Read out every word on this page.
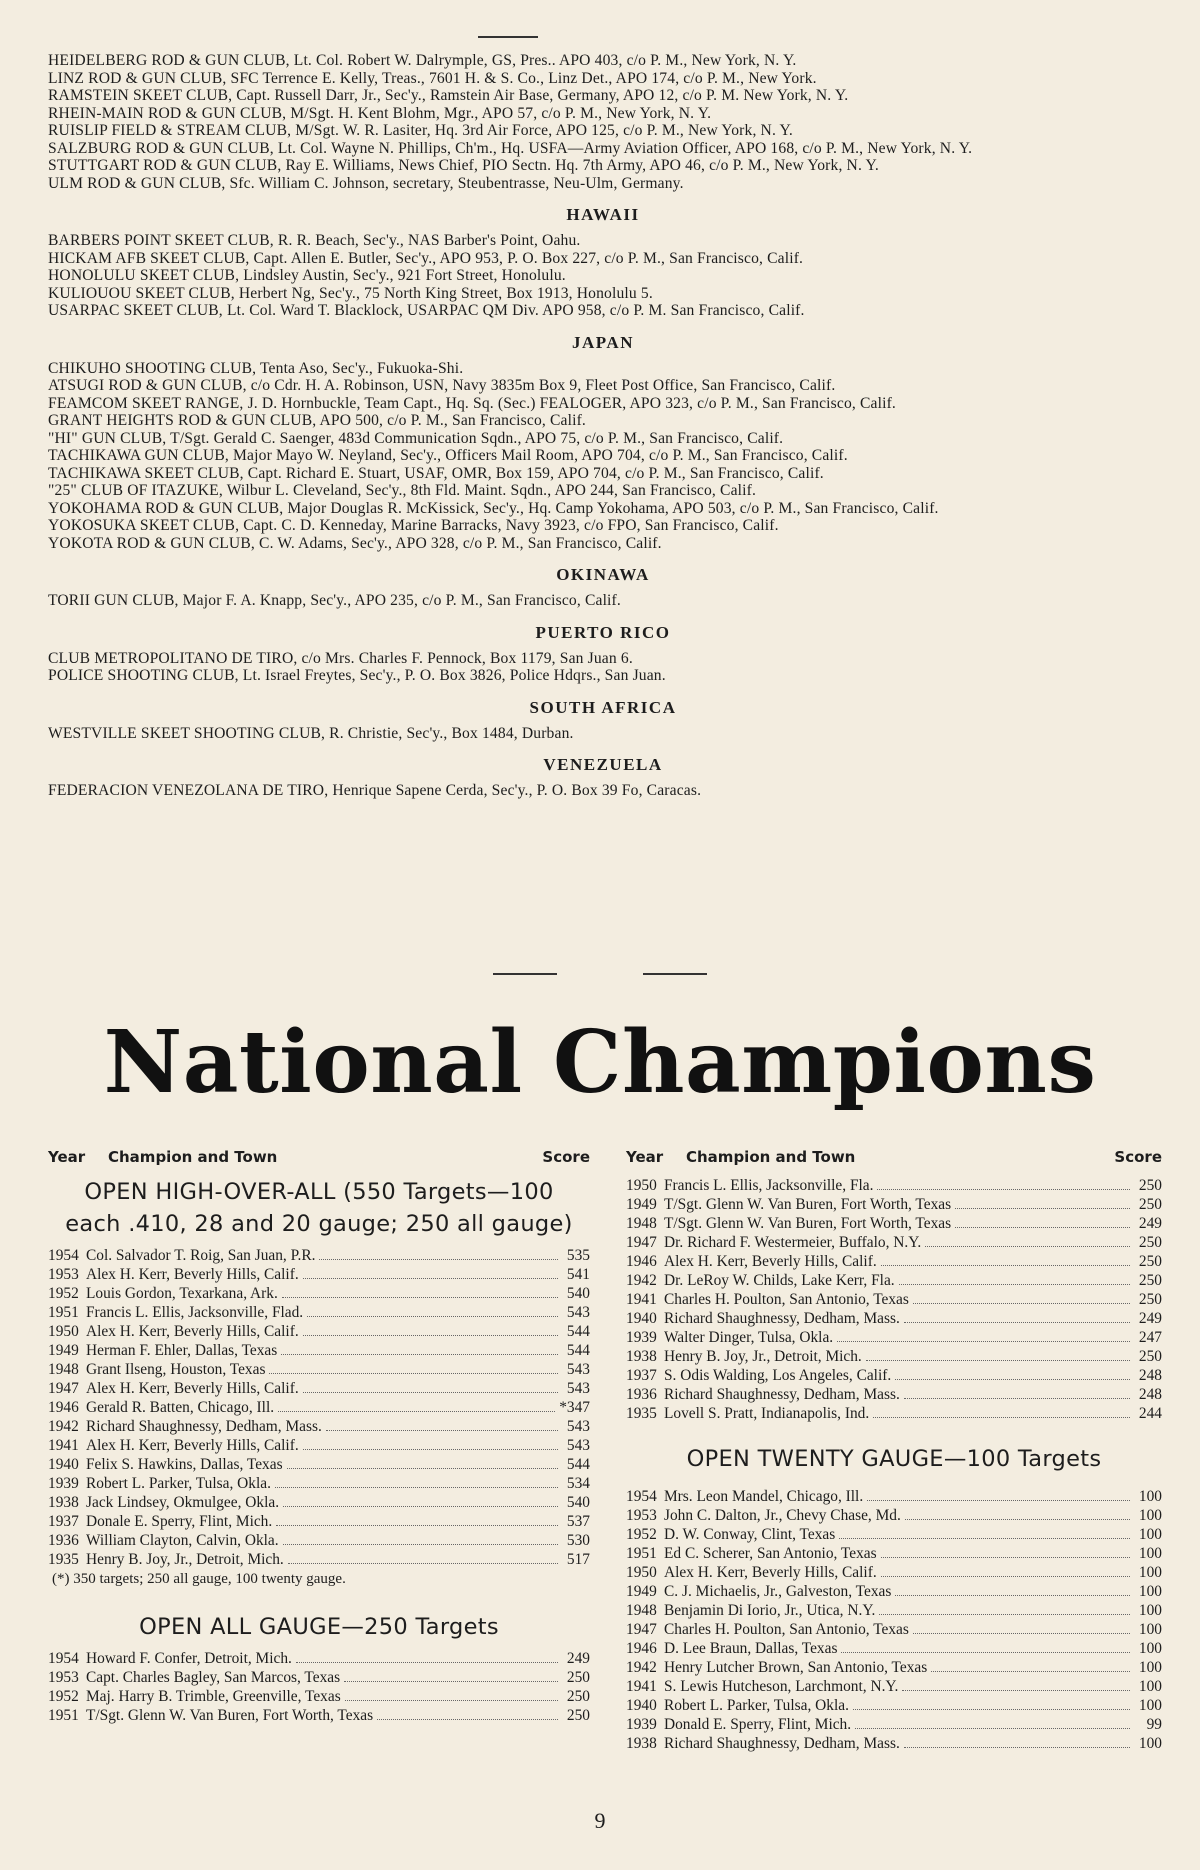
HEIDELBERG ROD & GUN CLUB, Lt. Col. Robert W. Dalrymple, GS, Pres.. APO 403, c/o P. M., New York, N. Y.

LINZ ROD & GUN CLUB, SFC Terrence E. Kelly, Treas., 7601 H. & S. Co., Linz Det., APO 174, c/o P. M., New York.

RAMSTEIN SKEET CLUB, Capt. Russell Darr, Jr., Sec'y., Ramstein Air Base, Germany, APO 12, c/o P. M. New York, N. Y.

RHEIN-MAIN ROD & GUN CLUB, M/Sgt. H. Kent Blohm, Mgr., APO 57, c/o P. M., New York, N. Y.

RUISLIP FIELD & STREAM CLUB, M/Sgt. W. R. Lasiter, Hq. 3rd Air Force, APO 125, c/o P. M., New York, N. Y.

SALZBURG ROD & GUN CLUB, Lt. Col. Wayne N. Phillips, Ch'm., Hq. USFA—Army Aviation Officer, APO 168, c/o P. M., New York, N. Y.

STUTTGART ROD & GUN CLUB, Ray E. Williams, News Chief, PIO Sectn. Hq. 7th Army, APO 46, c/o P. M., New York, N. Y.

ULM ROD & GUN CLUB, Sfc. William C. Johnson, secretary, Steubentrasse, Neu-Ulm, Germany.

HAWAII

BARBERS POINT SKEET CLUB, R. R. Beach, Sec'y., NAS Barber's Point, Oahu.

HICKAM AFB SKEET CLUB, Capt. Allen E. Butler, Sec'y., APO 953, P. O. Box 227, c/o P. M., San Francisco, Calif.

HONOLULU SKEET CLUB, Lindsley Austin, Sec'y., 921 Fort Street, Honolulu.

KULIOUOU SKEET CLUB, Herbert Ng, Sec'y., 75 North King Street, Box 1913, Honolulu 5.

USARPAC SKEET CLUB, Lt. Col. Ward T. Blacklock, USARPAC QM Div. APO 958, c/o P. M. San Francisco, Calif.

JAPAN

CHIKUHO SHOOTING CLUB, Tenta Aso, Sec'y., Fukuoka-Shi.

ATSUGI ROD & GUN CLUB, c/o Cdr. H. A. Robinson, USN, Navy 3835m Box 9, Fleet Post Office, San Francisco, Calif.

FEAMCOM SKEET RANGE, J. D. Hornbuckle, Team Capt., Hq. Sq. (Sec.) FEALOGER, APO 323, c/o P. M., San Francisco, Calif.

GRANT HEIGHTS ROD & GUN CLUB, APO 500, c/o P. M., San Francisco, Calif.

"HI" GUN CLUB, T/Sgt. Gerald C. Saenger, 483d Communication Sqdn., APO 75, c/o P. M., San Francisco, Calif.

TACHIKAWA GUN CLUB, Major Mayo W. Neyland, Sec'y., Officers Mail Room, APO 704, c/o P. M., San Francisco, Calif.

TACHIKAWA SKEET CLUB, Capt. Richard E. Stuart, USAF, OMR, Box 159, APO 704, c/o P. M., San Francisco, Calif.

"25" CLUB OF ITAZUKE, Wilbur L. Cleveland, Sec'y., 8th Fld. Maint. Sqdn., APO 244, San Francisco, Calif.

YOKOHAMA ROD & GUN CLUB, Major Douglas R. McKissick, Sec'y., Hq. Camp Yokohama, APO 503, c/o P. M., San Francisco, Calif.

YOKOSUKA SKEET CLUB, Capt. C. D. Kenneday, Marine Barracks, Navy 3923, c/o FPO, San Francisco, Calif.

YOKOTA ROD & GUN CLUB, C. W. Adams, Sec'y., APO 328, c/o P. M., San Francisco, Calif.

OKINAWA

TORII GUN CLUB, Major F. A. Knapp, Sec'y., APO 235, c/o P. M., San Francisco, Calif.

PUERTO RICO

CLUB METROPOLITANO DE TIRO, c/o Mrs. Charles F. Pennock, Box 1179, San Juan 6.

POLICE SHOOTING CLUB, Lt. Israel Freytes, Sec'y., P. O. Box 3826, Police Hdqrs., San Juan.

SOUTH AFRICA

WESTVILLE SKEET SHOOTING CLUB, R. Christie, Sec'y., Box 1484, Durban.

VENEZUELA

FEDERACION VENEZOLANA DE TIRO, Henrique Sapene Cerda, Sec'y., P. O. Box 39 Fo, Caracas.

National Champions
Year	Champion and Town	Score
OPEN HIGH-OVER-ALL (550 Targets—100 each .410, 28 and 20 gauge; 250 all gauge)
1954 Col. Salvador T. Roig, San Juan, P.R.	535
1953 Alex H. Kerr, Beverly Hills, Calif.	541
1952 Louis Gordon, Texarkana, Ark.	540
1951 Francis L. Ellis, Jacksonville, Flad.	543
1950 Alex H. Kerr, Beverly Hills, Calif.	544
1949 Herman F. Ehler, Dallas, Texas	544
1948 Grant Ilseng, Houston, Texas	543
1947 Alex H. Kerr, Beverly Hills, Calif.	543
1946 Gerald R. Batten, Chicago, Ill.	*347
1942 Richard Shaughnessy, Dedham, Mass.	543
1941 Alex H. Kerr, Beverly Hills, Calif.	543
1940 Felix S. Hawkins, Dallas, Texas	544
1939 Robert L. Parker, Tulsa, Okla.	534
1938 Jack Lindsey, Okmulgee, Okla.	540
1937 Donale E. Sperry, Flint, Mich.	537
1936 William Clayton, Calvin, Okla.	530
1935 Henry B. Joy, Jr., Detroit, Mich.	517
(*) 350 targets; 250 all gauge, 100 twenty gauge.
OPEN ALL GAUGE—250 Targets
1954 Howard F. Confer, Detroit, Mich.	249
1953 Capt. Charles Bagley, San Marcos, Texas	250
1952 Maj. Harry B. Trimble, Greenville, Texas	250
1951 T/Sgt. Glenn W. Van Buren, Fort Worth, Texas	250
Year	Champion and Town	Score
1950 Francis L. Ellis, Jacksonville, Fla.	250
1949 T/Sgt. Glenn W. Van Buren, Fort Worth, Texas	250
1948 T/Sgt. Glenn W. Van Buren, Fort Worth, Texas	249
1947 Dr. Richard F. Westermeier, Buffalo, N.Y.	250
1946 Alex H. Kerr, Beverly Hills, Calif.	250
1942 Dr. LeRoy W. Childs, Lake Kerr, Fla.	250
1941 Charles H. Poulton, San Antonio, Texas	250
1940 Richard Shaughnessy, Dedham, Mass.	249
1939 Walter Dinger, Tulsa, Okla.	247
1938 Henry B. Joy, Jr., Detroit, Mich.	250
1937 S. Odis Walding, Los Angeles, Calif.	248
1936 Richard Shaughnessy, Dedham, Mass.	248
1935 Lovell S. Pratt, Indianapolis, Ind.	244
OPEN TWENTY GAUGE—100 Targets
1954 Mrs. Leon Mandel, Chicago, Ill.	100
1953 John C. Dalton, Jr., Chevy Chase, Md.	100
1952 D. W. Conway, Clint, Texas	100
1951 Ed C. Scherer, San Antonio, Texas	100
1950 Alex H. Kerr, Beverly Hills, Calif.	100
1949 C. J. Michaelis, Jr., Galveston, Texas	100
1948 Benjamin Di Iorio, Jr., Utica, N.Y.	100
1947 Charles H. Poulton, San Antonio, Texas	100
1946 D. Lee Braun, Dallas, Texas	100
1942 Henry Lutcher Brown, San Antonio, Texas	100
1941 S. Lewis Hutcheson, Larchmont, N.Y.	100
1940 Robert L. Parker, Tulsa, Okla.	100
1939 Donald E. Sperry, Flint, Mich.	99
1938 Richard Shaughnessy, Dedham, Mass.	100
9
